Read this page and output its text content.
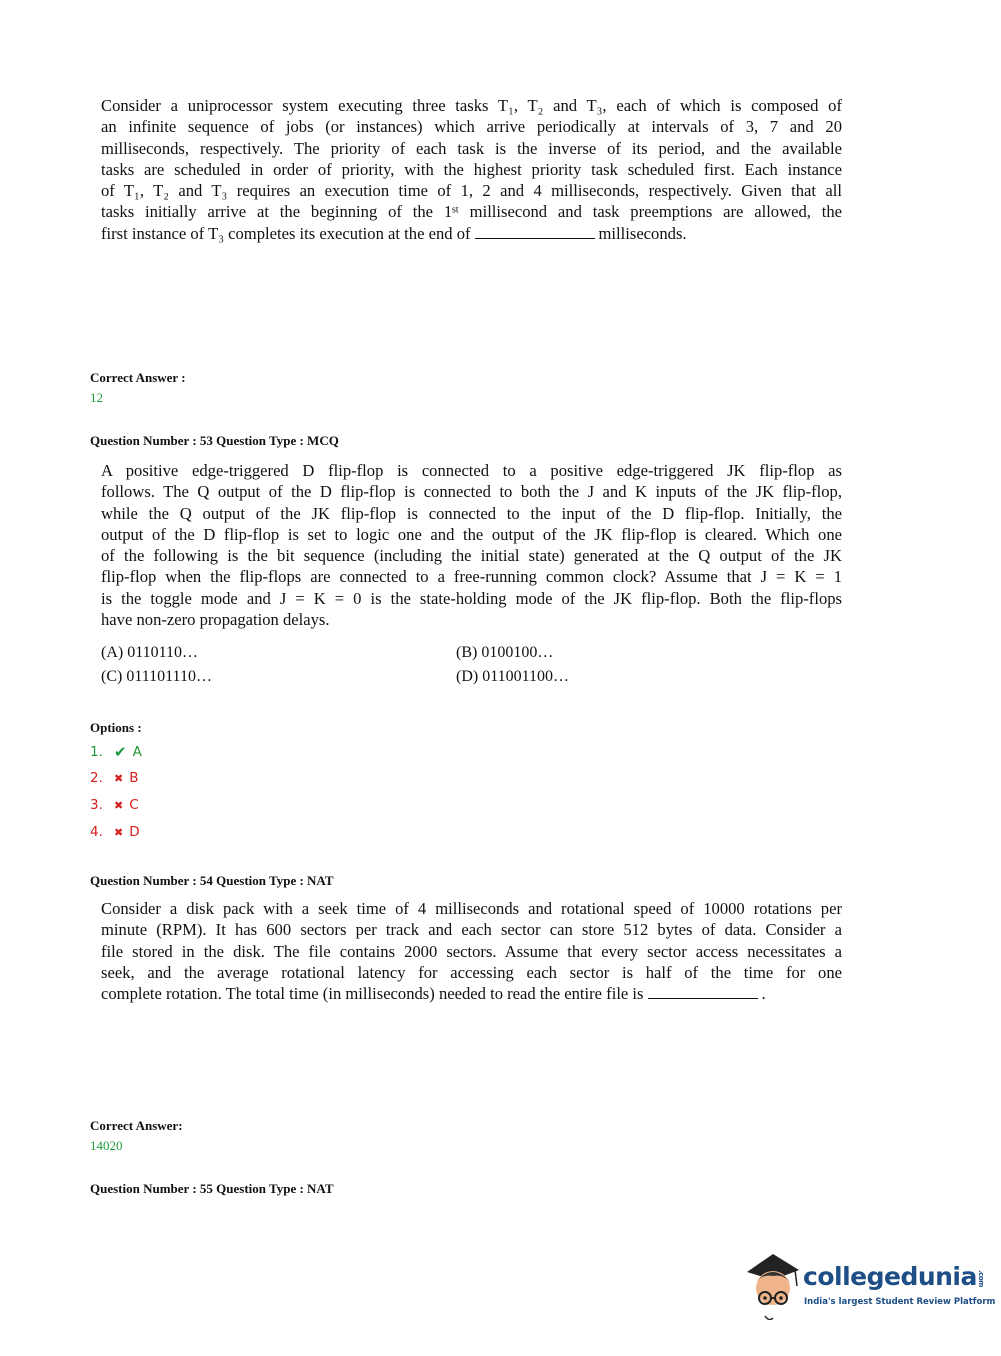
Consider a uniprocessor system executing three tasks T₁, T₂ and T₃, each of which is composed of
an infinite sequence of jobs (or instances) which arrive periodically at intervals of 3, 7 and 20
milliseconds, respectively. The priority of each task is the inverse of its period, and the available
tasks are scheduled in order of priority, with the highest priority task scheduled first. Each instance
of T₁, T₂ and T₃ requires an execution time of 1, 2 and 4 milliseconds, respectively. Given that all
tasks initially arrive at the beginning of the 1ˢᵗ millisecond and task preemptions are allowed, the
first instance of T₃ completes its execution at the end of	milliseconds.
Correct Answer :
12
Question Number : 53 Question Type : MCQ
A positive edge-triggered D flip-flop is connected to a positive edge-triggered JK flip-flop as
follows. The Q output of the D flip-flop is connected to both the J and K inputs of the JK flip-flop,
while the Q output of the JK flip-flop is connected to the input of the D flip-flop. Initially, the
output of the D flip-flop is set to logic one and the output of the JK flip-flop is cleared. Which one
of the following is the bit sequence (including the initial state) generated at the Q output of the JK
flip-flop when the flip-flops are connected to a free-running common clock? Assume that J = K = 1
is the toggle mode and J = K = 0 is the state-holding mode of the JK flip-flop. Both the flip-flops
have non-zero propagation delays.
(A) 0110110…	(B) 0100100…
(C) 011101110…	(D) 011001100…
Options :
1. ✔ A
2.	✖ B
3.	✖ C
4.	✖ D
Question Number : 54 Question Type : NAT
Consider a disk pack with a seek time of 4 milliseconds and rotational speed of 10000 rotations per
minute (RPM). It has 600 sectors per track and each sector can store 512 bytes of data. Consider a
file stored in the disk. The file contains 2000 sectors. Assume that every sector access necessitates a
seek, and the average rotational latency for accessing each sector is half of the time for one
complete rotation. The total time (in milliseconds) needed to read the entire file is	.
Correct Answer:
14020
Question Number : 55 Question Type : NAT
collegedunia.com
India's largest Student Review Platform
